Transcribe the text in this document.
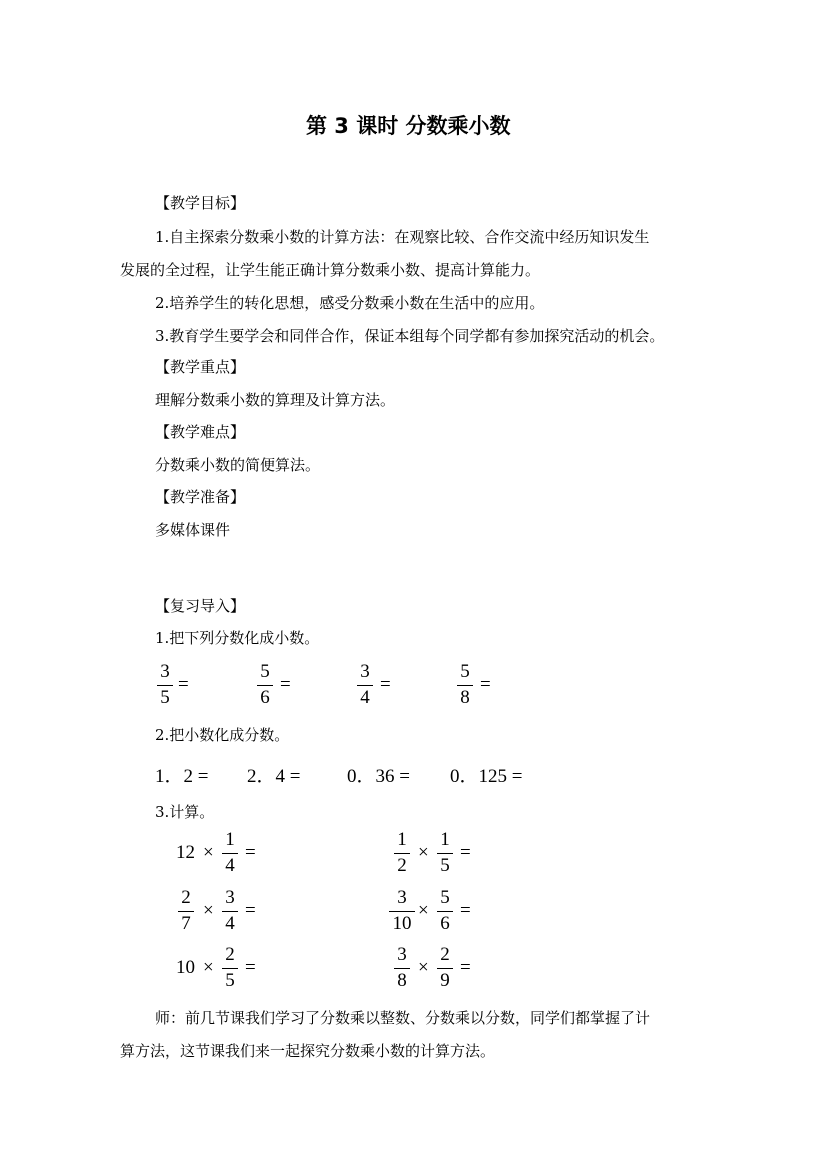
第 3 课时 分数乘小数
【教学目标】
1.自主探索分数乘小数的计算方法：在观察比较、合作交流中经历知识发生
发展的全过程，让学生能正确计算分数乘小数、提高计算能力。
2.培养学生的转化思想，感受分数乘小数在生活中的应用。
3.教育学生要学会和同伴合作，保证本组每个同学都有参加探究活动的机会。
【教学重点】
理解分数乘小数的算理及计算方法。
【教学难点】
分数乘小数的简便算法。
【教学准备】
多媒体课件
【复习导入】
1.把下列分数化成小数。
3
5
=
5
6
=
3
4
=
5
8
=
2.把小数化成分数。
1．2 = 2．4 = 0．36 = 0．125 =
3.计算。
12 ×
1
4
=
1
2
×
1
5
=
2
7
×
3
4
=
3
10
×
5
6
=
10 ×
2
5
=
3
8
×
2
9
=
师：前几节课我们学习了分数乘以整数、分数乘以分数，同学们都掌握了计
算方法，这节课我们来一起探究分数乘小数的计算方法。
